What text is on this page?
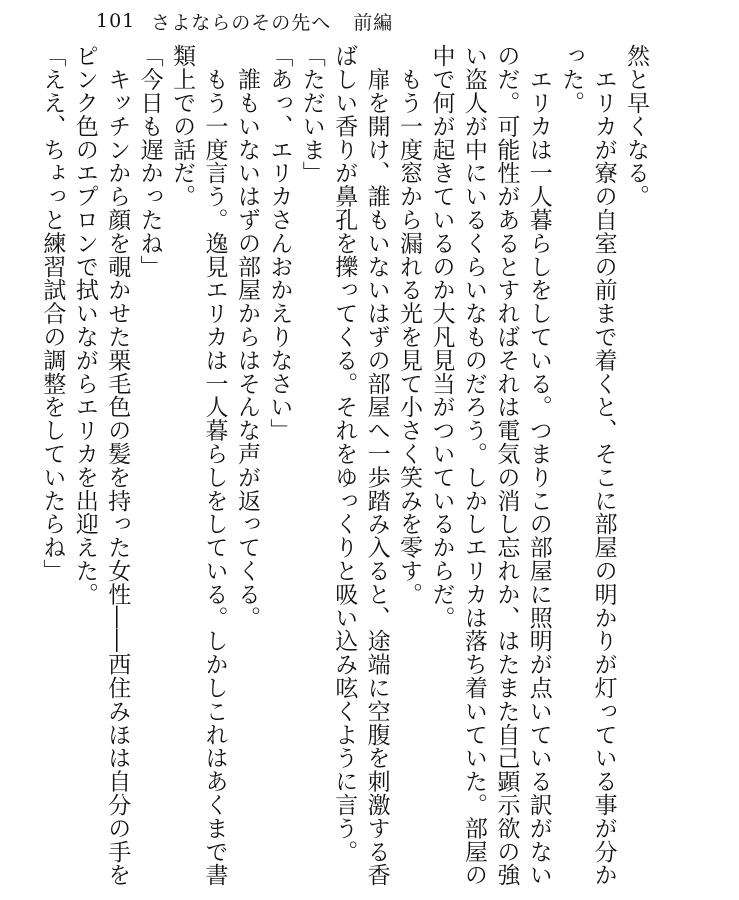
101 さよならのその先へ 前編

然と早くなる。

　エリカが寮の自室の前まで着くと、そこに部屋の明かりが灯っている事が分かった。

　エリカは一人暮らしをしている。つまりこの部屋に照明が点いている訳がないのだ。可能性があるとすればそれは電気の消し忘れか、はたまた自己顕示欲の強い盗人が中にいるくらいなものだろう。しかしエリカは落ち着いていた。部屋の中で何が起きているのか大凡見当がついているからだ。

　もう一度窓から漏れる光を見て小さく笑みを零す。

　扉を開け、誰もいないはずの部屋へ一歩踏み入ると、途端に空腹を刺激する香ばしい香りが鼻孔を擽ってくる。それをゆっくりと吸い込み呟くように言う。

「ただいま」

「あっ、エリカさんおかえりなさい」

　誰もいないはずの部屋からはそんな声が返ってくる。

　もう一度言う。逸見エリカは一人暮らしをしている。しかしこれはあくまで書類上での話だ。

「今日も遅かったね」

　キッチンから顔を覗かせた栗毛色の髪を持った女性――西住みほは自分の手をピンク色のエプロンで拭いながらエリカを出迎えた。

「ええ、ちょっと練習試合の調整をしていたらね」
